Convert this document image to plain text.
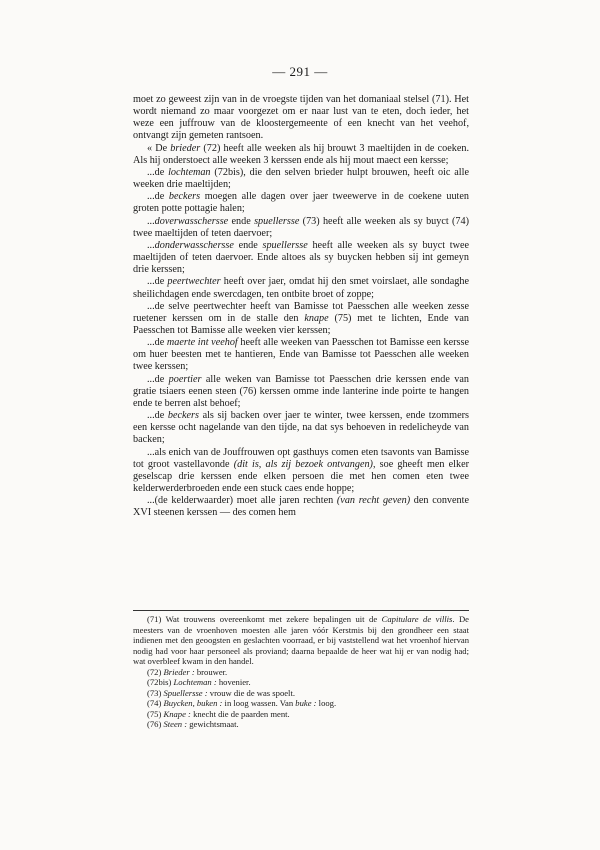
— 291 —

moet zo geweest zijn van in de vroegste tijden van het domaniaal stelsel (71). Het wordt niemand zo maar voorgezet om er naar lust van te eten, doch ieder, het weze een juffrouw van de kloostergemeente of een knecht van het veehof, ontvangt zijn gemeten rantsoen.

« De brieder (72) heeft alle weeken als hij brouwt 3 maeltijden in de coeken. Als hij onderstoect alle weeken 3 kerssen ende als hij mout maect een kersse;

...de lochteman (72bis), die den selven brieder hulpt brouwen, heeft oic alle weeken drie maeltijden;

...de beckers moegen alle dagen over jaer tweewerve in de coekene uuten groten potte pottagie halen;

...doverwasschersse ende spuellersse (73) heeft alle weeken als sy buyct (74) twee maeltijden of teten daervoer;

...donderwasschersse ende spuellersse heeft alle weeken als sy buyct twee maeltijden of teten daervoer. Ende altoes als sy buycken hebben sij int gemeyn drie kerssen;

...de peertwechter heeft over jaer, omdat hij den smet voirslaet, alle sondaghe sheilichdagen ende swercdagen, ten ontbite broet of zoppe;

...de selve peertwechter heeft van Bamisse tot Paesschen alle weeken zesse ruetener kerssen om in de stalle den knape (75) met te lichten, Ende van Paesschen tot Bamisse alle weeken vier kerssen;

...de maerte int veehof heeft alle weeken van Paesschen tot Bamisse een kersse om huer beesten met te hantieren, Ende van Bamisse tot Paesschen alle weeken twee kerssen;

...de poertier alle weken van Bamisse tot Paesschen drie kerssen ende van gratie tsiaers eenen steen (76) kerssen omme inde lanterine inde poirte te hangen ende te berren alst behoef;

...de beckers als sij backen over jaer te winter, twee kerssen, ende tzommers een kersse ocht nagelande van den tijde, na dat sys behoeven in redelicheyde van backen;

...als enich van de Jouffrouwen opt gasthuys comen eten tsavonts van Bamisse tot groot vastellavonde (dit is, als zij bezoek ontvangen), soe gheeft men elker geselscap drie kerssen ende elken persoen die met hen comen eten twee kelderwerderbroeden ende een stuck caes ende hoppe;

...(de kelderwaarder) moet alle jaren rechten (van recht geven) den convente XVI steenen kerssen — des comen hem

(71) Wat trouwens overeenkomt met zekere bepalingen uit de Capitulare de villis. De meesters van de vroenhoven moesten alle jaren vóór Kerstmis bij den grondheer een staat indienen met den geoogsten en geslachten voorraad, er bij vaststellend wat het vroenhof hiervan nodig had voor haar personeel als proviand; daarna bepaalde de heer wat hij er van nodig had; wat overbleef kwam in den handel.

(72) Brieder : brouwer.

(72bis) Lochteman : hovenier.

(73) Spuellersse : vrouw die de was spoelt.

(74) Buycken, buken : in loog wassen. Van buke : loog.

(75) Knape : knecht die de paarden ment.

(76) Steen : gewichtsmaat.
